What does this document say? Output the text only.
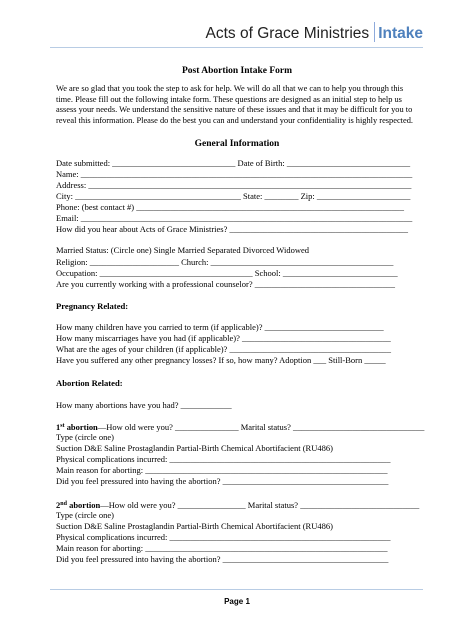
Acts of Grace Ministries Intake
Post Abortion Intake Form
We are so glad that you took the step to ask for help. We will do all that we can to help you through this time. Please fill out the following intake form. These questions are designed as an initial step to help us assess your needs. We understand the sensitive nature of these issues and that it may be difficult for you to reveal this information. Please do the best you can and understand your confidentiality is highly respected.
General Information
Date submitted: _____________________________ Date of Birth: _____________________________
Name: ______________________________________________________________________________
Address: ____________________________________________________________________________
City: _______________________________________ State: ________ Zip: ______________________
Phone: (best contact #) _______________________________________________________________
Email: ______________________________________________________________________________
How did you hear about Acts of Grace Ministries? __________________________________________
Married Status: (Circle one) Single Married Separated Divorced Widowed
Religion: _____________________ Church: ___________________________________________
Occupation: ____________________________________ School: ___________________________
Are you currently working with a professional counselor? _________________________________
Pregnancy Related:
How many children have you carried to term (if applicable)? ____________________________
How many miscarriages have you had (if applicable)? ___________________________________
What are the ages of your children (if applicable)? ______________________________________
Have you suffered any other pregnancy losses? If so, how many? Adoption ___ Still-Born _____
Abortion Related:
How many abortions have you had? ____________
1st abortion—How old were you? _______________ Marital status? _______________________________
Type (circle one)
Suction D&E Saline Prostaglandin Partial-Birth Chemical Abortifacient (RU486)
Physical complications incurred: ____________________________________________________
Main reason for aborting: _________________________________________________________
Did you feel pressured into having the abortion? _______________________________________
2nd abortion—How old were you? ________________ Marital status? ____________________________
Type (circle one)
Suction D&E Saline Prostaglandin Partial-Birth Chemical Abortifacient (RU486)
Physical complications incurred: ____________________________________________________
Main reason for aborting: _________________________________________________________
Did you feel pressured into having the abortion? _______________________________________
Page 1
